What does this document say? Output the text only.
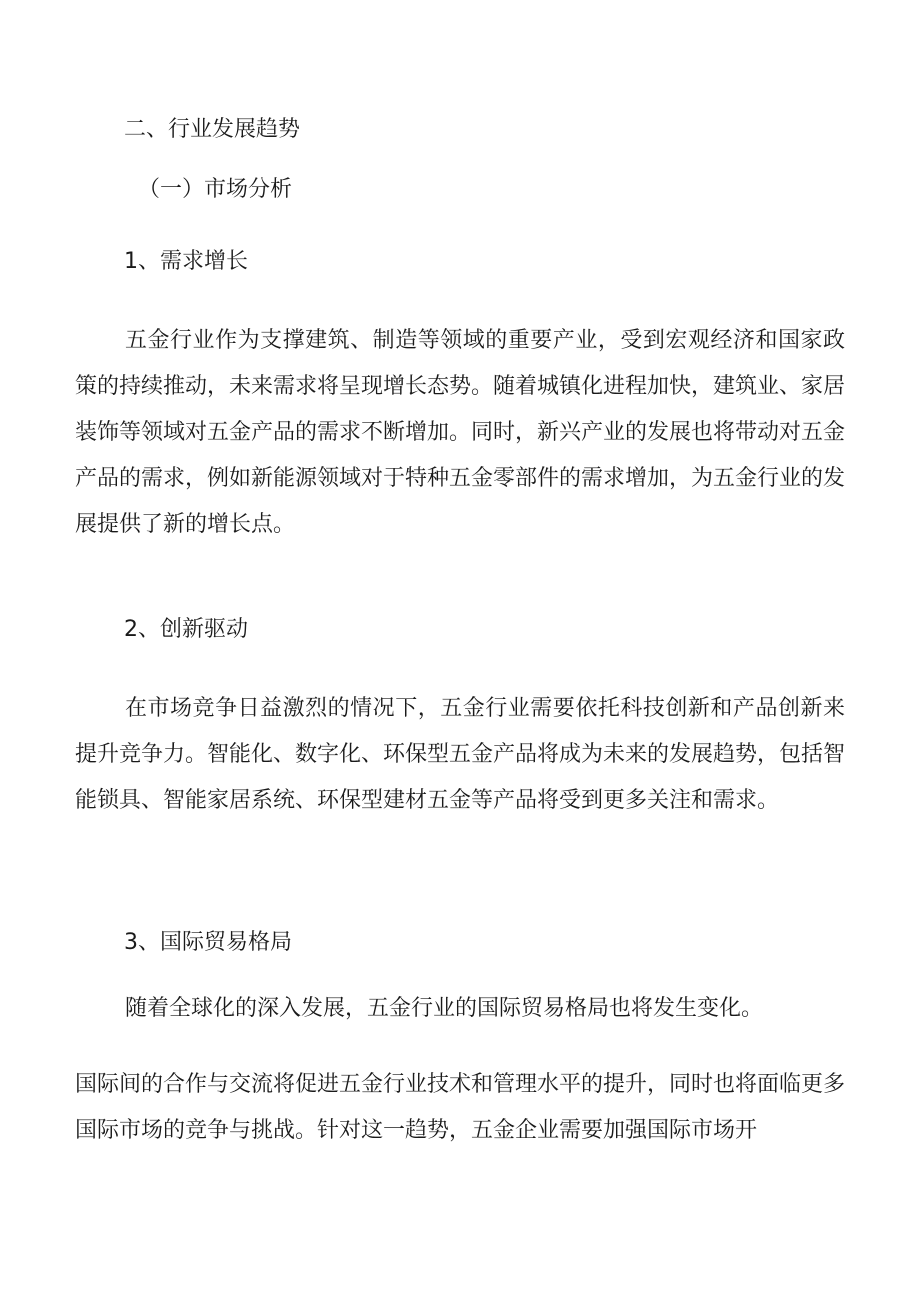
二、行业发展趋势

（一）市场分析

1、需求增长

五金行业作为支撑建筑、制造等领域的重要产业，受到宏观经济和国家政策的持续推动，未来需求将呈现增长态势。随着城镇化进程加快，建筑业、家居装饰等领域对五金产品的需求不断增加。同时，新兴产业的发展也将带动对五金产品的需求，例如新能源领域对于特种五金零部件的需求增加，为五金行业的发展提供了新的增长点。

2、创新驱动

在市场竞争日益激烈的情况下，五金行业需要依托科技创新和产品创新来提升竞争力。智能化、数字化、环保型五金产品将成为未来的发展趋势，包括智能锁具、智能家居系统、环保型建材五金等产品将受到更多关注和需求。

3、国际贸易格局

随着全球化的深入发展，五金行业的国际贸易格局也将发生变化。

国际间的合作与交流将促进五金行业技术和管理水平的提升，同时也将面临更多国际市场的竞争与挑战。针对这一趋势，五金企业需要加强国际市场开
